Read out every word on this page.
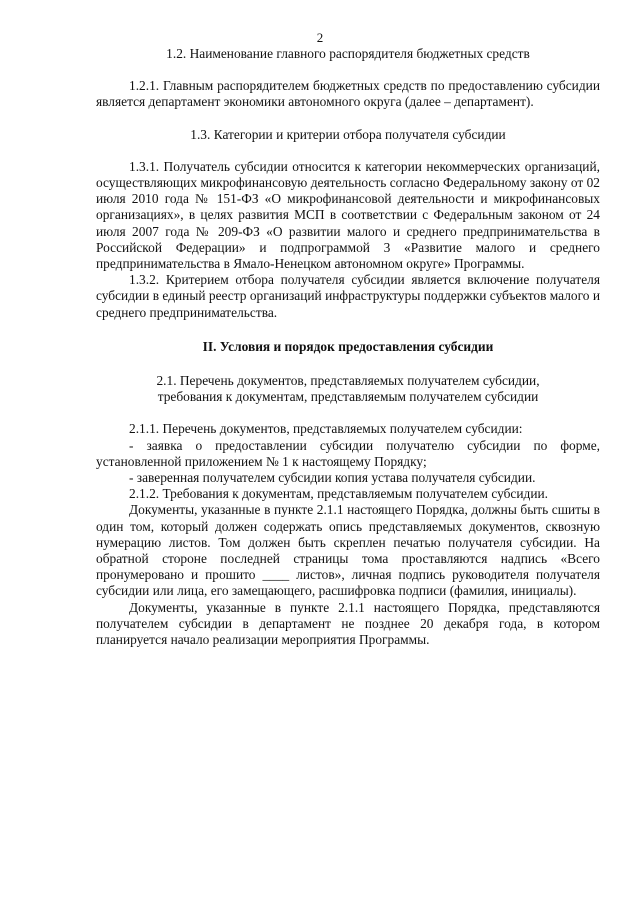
2
1.2. Наименование главного распорядителя бюджетных средств

1.2.1. Главным распорядителем бюджетных средств по предоставлению субсидии является департамент экономики автономного округа (далее – департамент).

1.3. Категории и критерии отбора получателя субсидии

1.3.1. Получатель субсидии относится к категории некоммерческих организаций, осуществляющих микрофинансовую деятельность согласно Федеральному закону от 02 июля 2010 года № 151-ФЗ «О микрофинансовой деятельности и микрофинансовых организациях», в целях развития МСП в соответствии с Федеральным законом от 24 июля 2007 года № 209-ФЗ «О развитии малого и среднего предпринимательства в Российской Федерации» и подпрограммой 3 «Развитие малого и среднего предпринимательства в Ямало-Ненецком автономном округе» Программы.

1.3.2. Критерием отбора получателя субсидии является включение получателя субсидии в единый реестр организаций инфраструктуры поддержки субъектов малого и среднего предпринимательства.

II. Условия и порядок предоставления субсидии
2.1. Перечень документов, представляемых получателем субсидии,
требования к документам, представляемым получателем субсидии

2.1.1. Перечень документов, представляемых получателем субсидии:

- заявка о предоставлении субсидии получателю субсидии по форме, установленной приложением № 1 к настоящему Порядку;

- заверенная получателем субсидии копия устава получателя субсидии.

2.1.2. Требования к документам, представляемым получателем субсидии.

Документы, указанные в пункте 2.1.1 настоящего Порядка, должны быть сшиты в один том, который должен содержать опись представляемых документов, сквозную нумерацию листов. Том должен быть скреплен печатью получателя субсидии. На обратной стороне последней страницы тома проставляются надпись «Всего пронумеровано и прошито ____ листов», личная подпись руководителя получателя субсидии или лица, его замещающего, расшифровка подписи (фамилия, инициалы).

Документы, указанные в пункте 2.1.1 настоящего Порядка, представляются получателем субсидии в департамент не позднее 20 декабря года, в котором планируется начало реализации мероприятия Программы.
